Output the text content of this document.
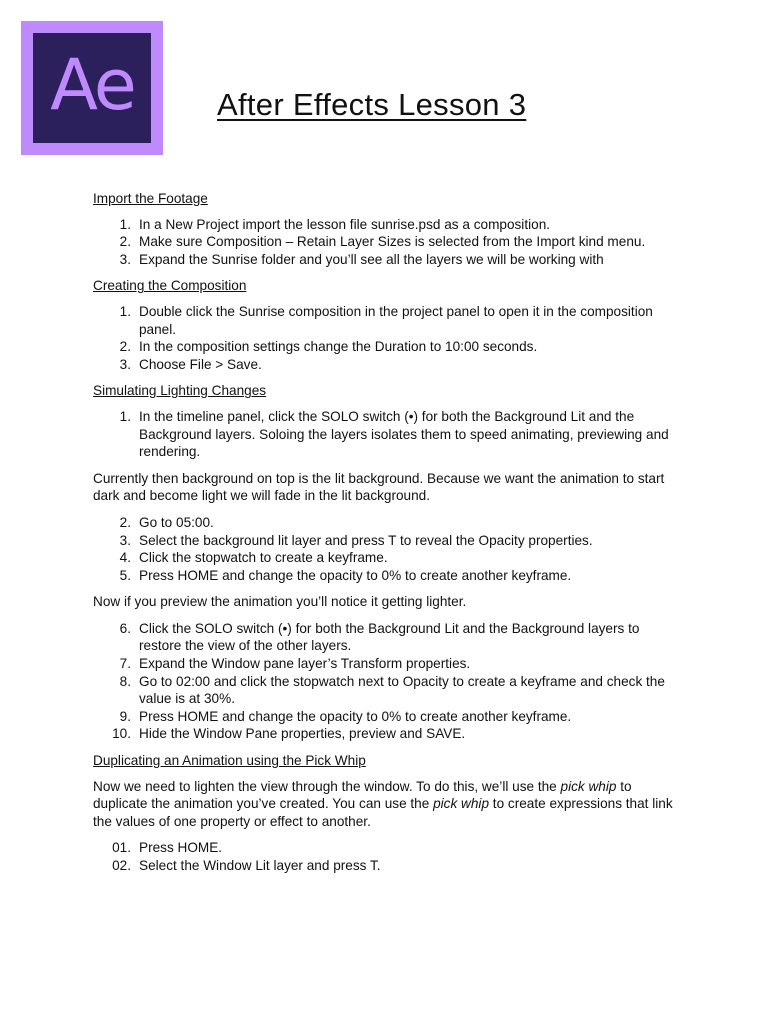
Ae	After Effects Lesson 3
Import the Footage
1. In a New Project import the lesson file sunrise.psd as a composition.
2. Make sure Composition – Retain Layer Sizes is selected from the Import kind menu.
3. Expand the Sunrise folder and you’ll see all the layers we will be working with
Creating the Composition
1. Double click the Sunrise composition in the project panel to open it in the composition panel.
2. In the composition settings change the Duration to 10:00 seconds.
3. Choose File > Save.
Simulating Lighting Changes
1. In the timeline panel, click the SOLO switch (•) for both the Background Lit and the Background layers. Soloing the layers isolates them to speed animating, previewing and rendering.

Currently then background on top is the lit background. Because we want the animation to start dark and become light we will fade in the lit background.

2. Go to 05:00.
3. Select the background lit layer and press T to reveal the Opacity properties.
4. Click the stopwatch to create a keyframe.
5. Press HOME and change the opacity to 0% to create another keyframe.

Now if you preview the animation you’ll notice it getting lighter.

6. Click the SOLO switch (•) for both the Background Lit and the Background layers to restore the view of the other layers.
7. Expand the Window pane layer’s Transform properties.
8. Go to 02:00 and click the stopwatch next to Opacity to create a keyframe and check the value is at 30%.
9. Press HOME and change the opacity to 0% to create another keyframe.
10. Hide the Window Pane properties, preview and SAVE.
Duplicating an Animation using the Pick Whip

Now we need to lighten the view through the window. To do this, we’ll use the pick whip to duplicate the animation you’ve created. You can use the pick whip to create expressions that link the values of one property or effect to another.

01. Press HOME.
02. Select the Window Lit layer and press T.
